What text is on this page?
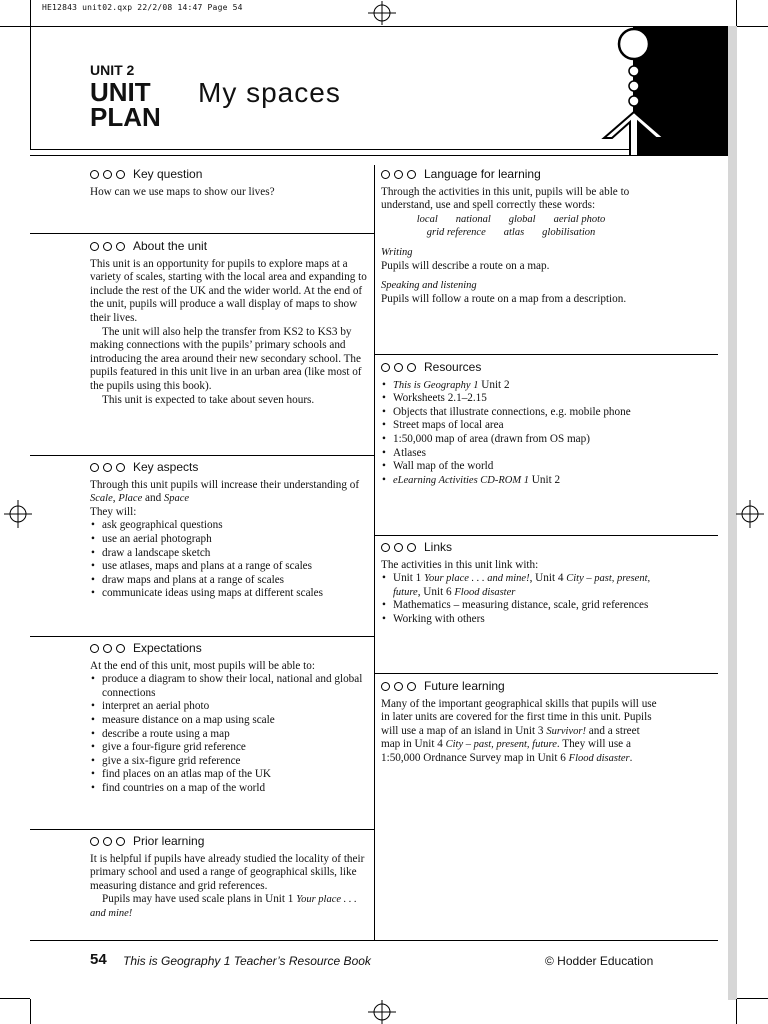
HE12843 unit02.qxp 22/2/08 14:47 Page 54
UNIT 2
UNIT
PLAN
My spaces
Key question

How can we use maps to show our lives?

About the unit

This unit is an opportunity for pupils to explore maps at a variety of scales, starting with the local area and expanding to include the rest of the UK and the wider world. At the end of the unit, pupils will produce a wall display of maps to show their lives.

The unit will also help the transfer from KS2 to KS3 by making connections with the pupils’ primary schools and introducing the area around their new secondary school. The pupils featured in this unit live in an urban area (like most of the pupils using this book).

This unit is expected to take about seven hours.

Key aspects

Through this unit pupils will increase their understanding of Scale, Place and Space

They will:

• ask geographical questions
• use an aerial photograph
• draw a landscape sketch
• use atlases, maps and plans at a range of scales
• draw maps and plans at a range of scales
• communicate ideas using maps at different scales
Expectations

At the end of this unit, most pupils will be able to:

• produce a diagram to show their local, national and global connections
• interpret an aerial photo
• measure distance on a map using scale
• describe a route using a map
• give a four-figure grid reference
• give a six-figure grid reference
• find places on an atlas map of the UK
• find countries on a map of the world
Prior learning

It is helpful if pupils have already studied the locality of their primary school and used a range of geographical skills, like measuring distance and grid references.

Pupils may have used scale plans in Unit 1 Your place . . . and mine!

Language for learning

Through the activities in this unit, pupils will be able to understand, use and spell correctly these words:

local national global aerial photo
grid reference atlas globilisation

Writing

Pupils will describe a route on a map.

Speaking and listening

Pupils will follow a route on a map from a description.

Resources
• This is Geography 1 Unit 2
• Worksheets 2.1–2.15
• Objects that illustrate connections, e.g. mobile phone
• Street maps of local area
• 1:50,000 map of area (drawn from OS map)
• Atlases
• Wall map of the world
• eLearning Activities CD-ROM 1 Unit 2
Links

The activities in this unit link with:

• Unit 1 Your place . . . and mine!, Unit 4 City – past, present, future, Unit 6 Flood disaster
• Mathematics – measuring distance, scale, grid references
• Working with others
Future learning

Many of the important geographical skills that pupils will use in later units are covered for the first time in this unit. Pupils will use a map of an island in Unit 3 Survivor! and a street map in Unit 4 City – past, present, future. They will use a 1:50,000 Ordnance Survey map in Unit 6 Flood disaster.

54 This is Geography 1 Teacher’s Resource Book	© Hodder Education
